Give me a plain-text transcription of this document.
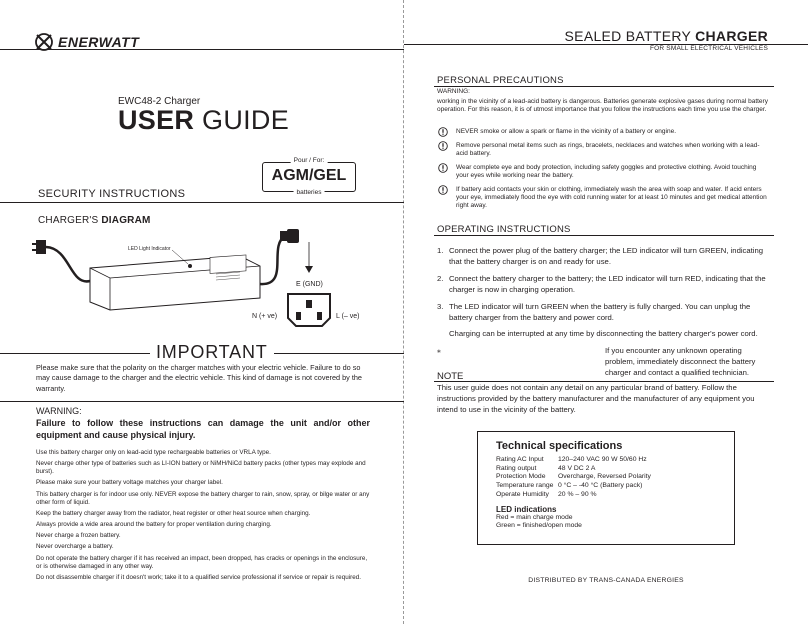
ENERWATT
EWC48-2 Charger
USER GUIDE
Pour / For:
AGM/GEL
batteries
SECURITY INSTRUCTIONS
CHARGER'S DIAGRAM
LED Light Indicator
E (GND)
N (+ ve)	L (– ve)
IMPORTANT
Please make sure that the polarity on the charger matches with your electric vehicle. Failure to do so may cause damage to the charger and the electric vehicle. This kind of damage is not covered by the warranty.
WARNING:
Failure to follow these instructions can damage the unit and/or other equipment and cause physical injury.

Use this battery charger only on lead-acid type rechargeable batteries or VRLA type.

Never charge other type of batteries such as LI-ION battery or NiMH/NiCd battery packs (other types may explode and burst).

Please make sure your battery voltage matches your charger label.

This battery charger is for indoor use only. NEVER expose the battery charger to rain, snow, spray, or bilge water or any other form of liquid.

Keep the battery charger away from the radiator, heat register or other heat source when charging.

Always provide a wide area around the battery for proper ventilation during charging.

Never charge a frozen battery.

Never overcharge a battery.

Do not operate the battery charger if it has received an impact, been dropped, has cracks or openings in the enclosure, or is otherwise damaged in any other way.

Do not disassemble charger if it doesn't work; take it to a qualified service professional if service or repair is required.

SEALED BATTERY CHARGER
FOR SMALL ELECTRICAL VEHICLES
PERSONAL PRECAUTIONS
WARNING:
working in the vicinity of a lead-acid battery is dangerous. Batteries generate explosive gases during normal battery operation. For this reason, it is of utmost importance that you follow the instructions each time you use the charger.
NEVER smoke or allow a spark or flame in the vicinity of a battery or engine.
Remove personal metal items such as rings, bracelets, necklaces and watches when working with a lead-acid battery.
Wear complete eye and body protection, including safety goggles and protective clothing. Avoid touching your eyes while working near the battery.
If battery acid contacts your skin or clothing, immediately wash the area with soap and water. If acid enters your eye, immediately flood the eye with cold running water for at least 10 minutes and get medical attention right away.
OPERATING INSTRUCTIONS
1. Connect the power plug of the battery charger; the LED indicator will turn GREEN, indicating that the battery charger is on and ready for use.
2. Connect the battery charger to the battery; the LED indicator will turn RED, indicating that the charger is now in charging operation.
3. The LED indicator will turn GREEN when the battery is fully charged. You can unplug the battery charger from the battery and power cord.
Charging can be interrupted at any time by disconnecting the battery charger's power cord.
⁎	If you encounter any unknown operating problem, immediately disconnect the battery charger and contact a qualified technician.
NOTE
This user guide does not contain any detail on any particular brand of battery. Follow the instructions provided by the battery manufacturer and the manufacturer of any equipment you intend to use in the vicinity of the battery.
Technical specifications
Rating AC Input	120–240 VAC 90 W 50/60 Hz
Rating output	48 V DC 2 A
Protection Mode	Overcharge, Reversed Polarity
Temperature range 0 °C – -40 °C (Battery pack)
Operate Humidity	20 % – 90 %
LED indications
Red = main charge mode
Green = finished/open mode
DISTRIBUTED BY TRANS-CANADA ENERGIES
